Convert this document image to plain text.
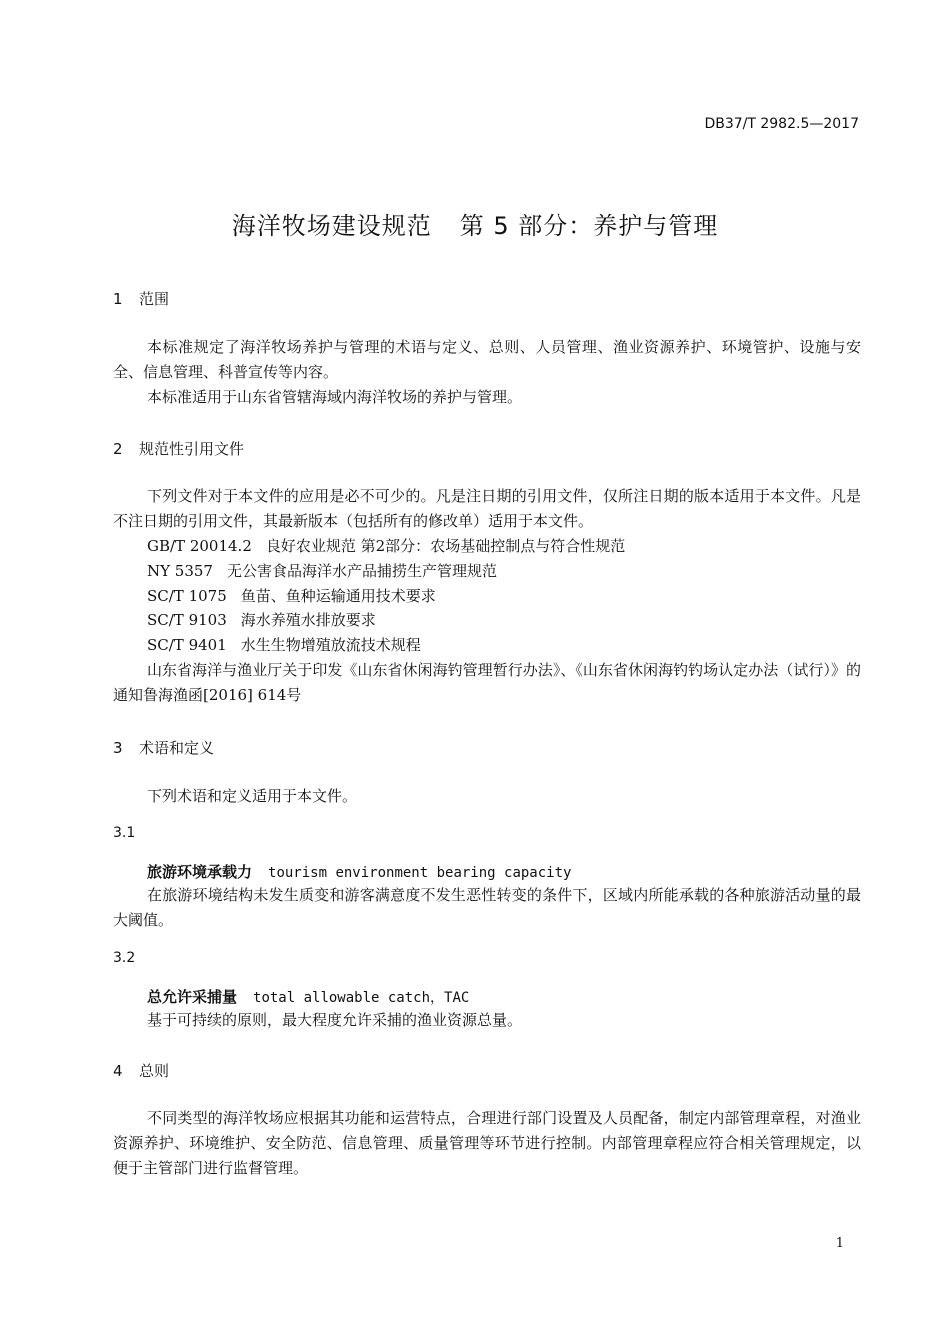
DB37/T 2982.5—2017
海洋牧场建设规范 第 5 部分：养护与管理
1 范围
本标准规定了海洋牧场养护与管理的术语与定义、总则、人员管理、渔业资源养护、环境管护、设施与安全、信息管理、科普宣传等内容。
本标准适用于山东省管辖海域内海洋牧场的养护与管理。
2 规范性引用文件
下列文件对于本文件的应用是必不可少的。凡是注日期的引用文件，仅所注日期的版本适用于本文件。凡是不注日期的引用文件，其最新版本（包括所有的修改单）适用于本文件。
GB/T 20014.2 良好农业规范 第2部分：农场基础控制点与符合性规范
NY 5357 无公害食品海洋水产品捕捞生产管理规范
SC/T 1075 鱼苗、鱼种运输通用技术要求
SC/T 9103 海水养殖水排放要求
SC/T 9401 水生生物增殖放流技术规程
山东省海洋与渔业厅关于印发《山东省休闲海钓管理暂行办法》、《山东省休闲海钓钓场认定办法（试行）》的通知鲁海渔函[2016] 614号
3 术语和定义
下列术语和定义适用于本文件。
3.1
旅游环境承载力 tourism environment bearing capacity
在旅游环境结构未发生质变和游客满意度不发生恶性转变的条件下，区域内所能承载的各种旅游活动量的最大阈值。
3.2
总允许采捕量 total allowable catch，TAC
基于可持续的原则，最大程度允许采捕的渔业资源总量。
4 总则
不同类型的海洋牧场应根据其功能和运营特点，合理进行部门设置及人员配备，制定内部管理章程，对渔业资源养护、环境维护、安全防范、信息管理、质量管理等环节进行控制。内部管理章程应符合相关管理规定，以便于主管部门进行监督管理。
1
